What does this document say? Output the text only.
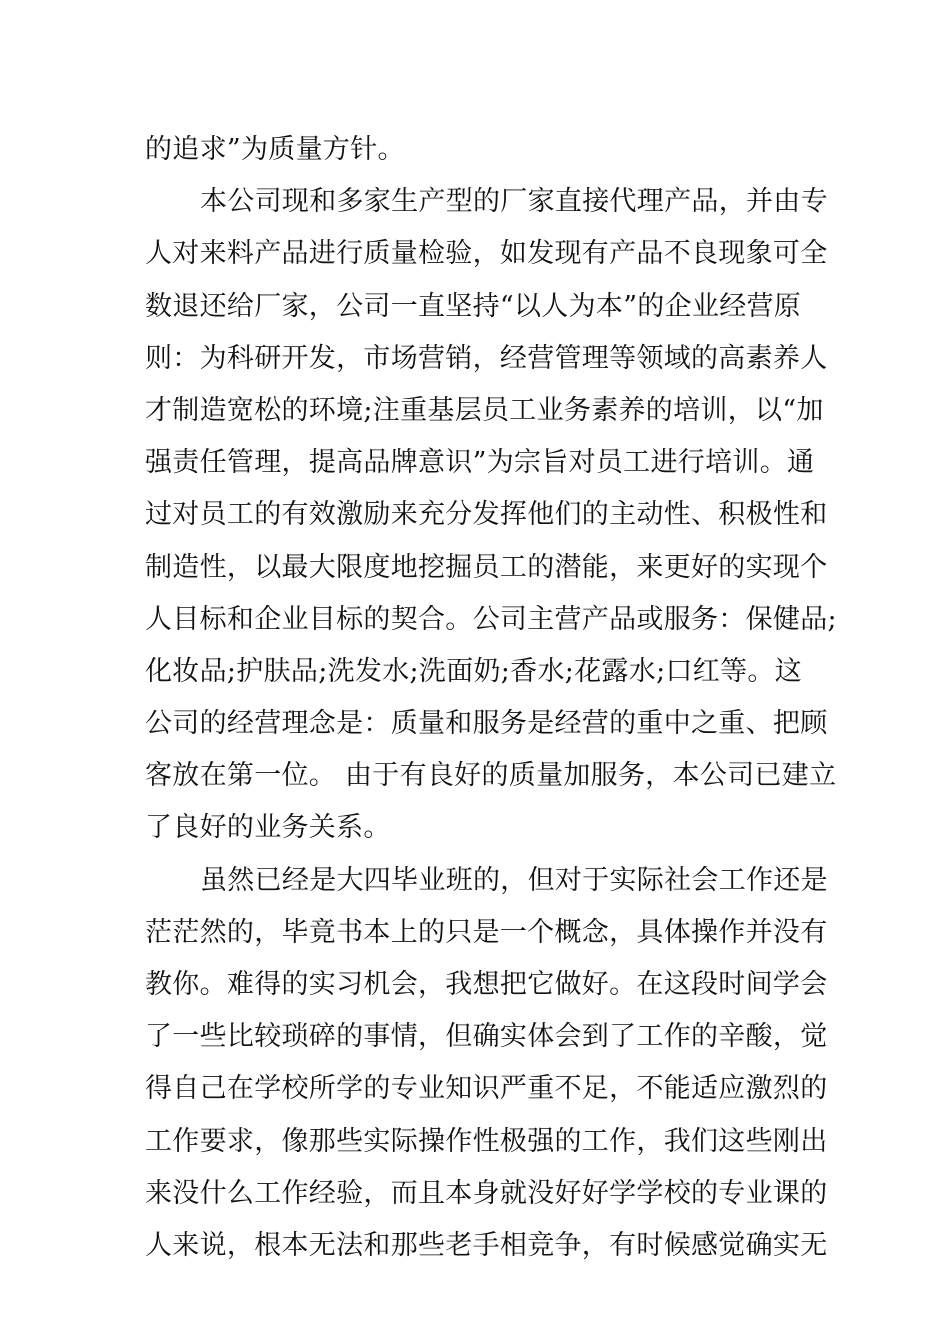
的追求”为质量方针。
本公司现和多家生产型的厂家直接代理产品，并由专
人对来料产品进行质量检验，如发现有产品不良现象可全
数退还给厂家，公司一直坚持“以人为本”的企业经营原
则：为科研开发，市场营销，经营管理等领域的高素养人
才制造宽松的环境;注重基层员工业务素养的培训，以“加
强责任管理，提高品牌意识”为宗旨对员工进行培训。通
过对员工的有效激励来充分发挥他们的主动性、积极性和
制造性，以最大限度地挖掘员工的潜能，来更好的实现个
人目标和企业目标的契合。公司主营产品或服务：保健品;
化妆品;护肤品;洗发水;洗面奶;香水;花露水;口红等。这
公司的经营理念是：质量和服务是经营的重中之重、把顾
客放在第一位。 由于有良好的质量加服务，本公司已建立
了良好的业务关系。
虽然已经是大四毕业班的，但对于实际社会工作还是
茫茫然的，毕竟书本上的只是一个概念，具体操作并没有
教你。难得的实习机会，我想把它做好。在这段时间学会
了一些比较琐碎的事情，但确实体会到了工作的辛酸，觉
得自己在学校所学的专业知识严重不足，不能适应激烈的
工作要求，像那些实际操作性极强的工作，我们这些刚出
来没什么工作经验，而且本身就没好好学学校的专业课的
人来说，根本无法和那些老手相竞争，有时候感觉确实无
